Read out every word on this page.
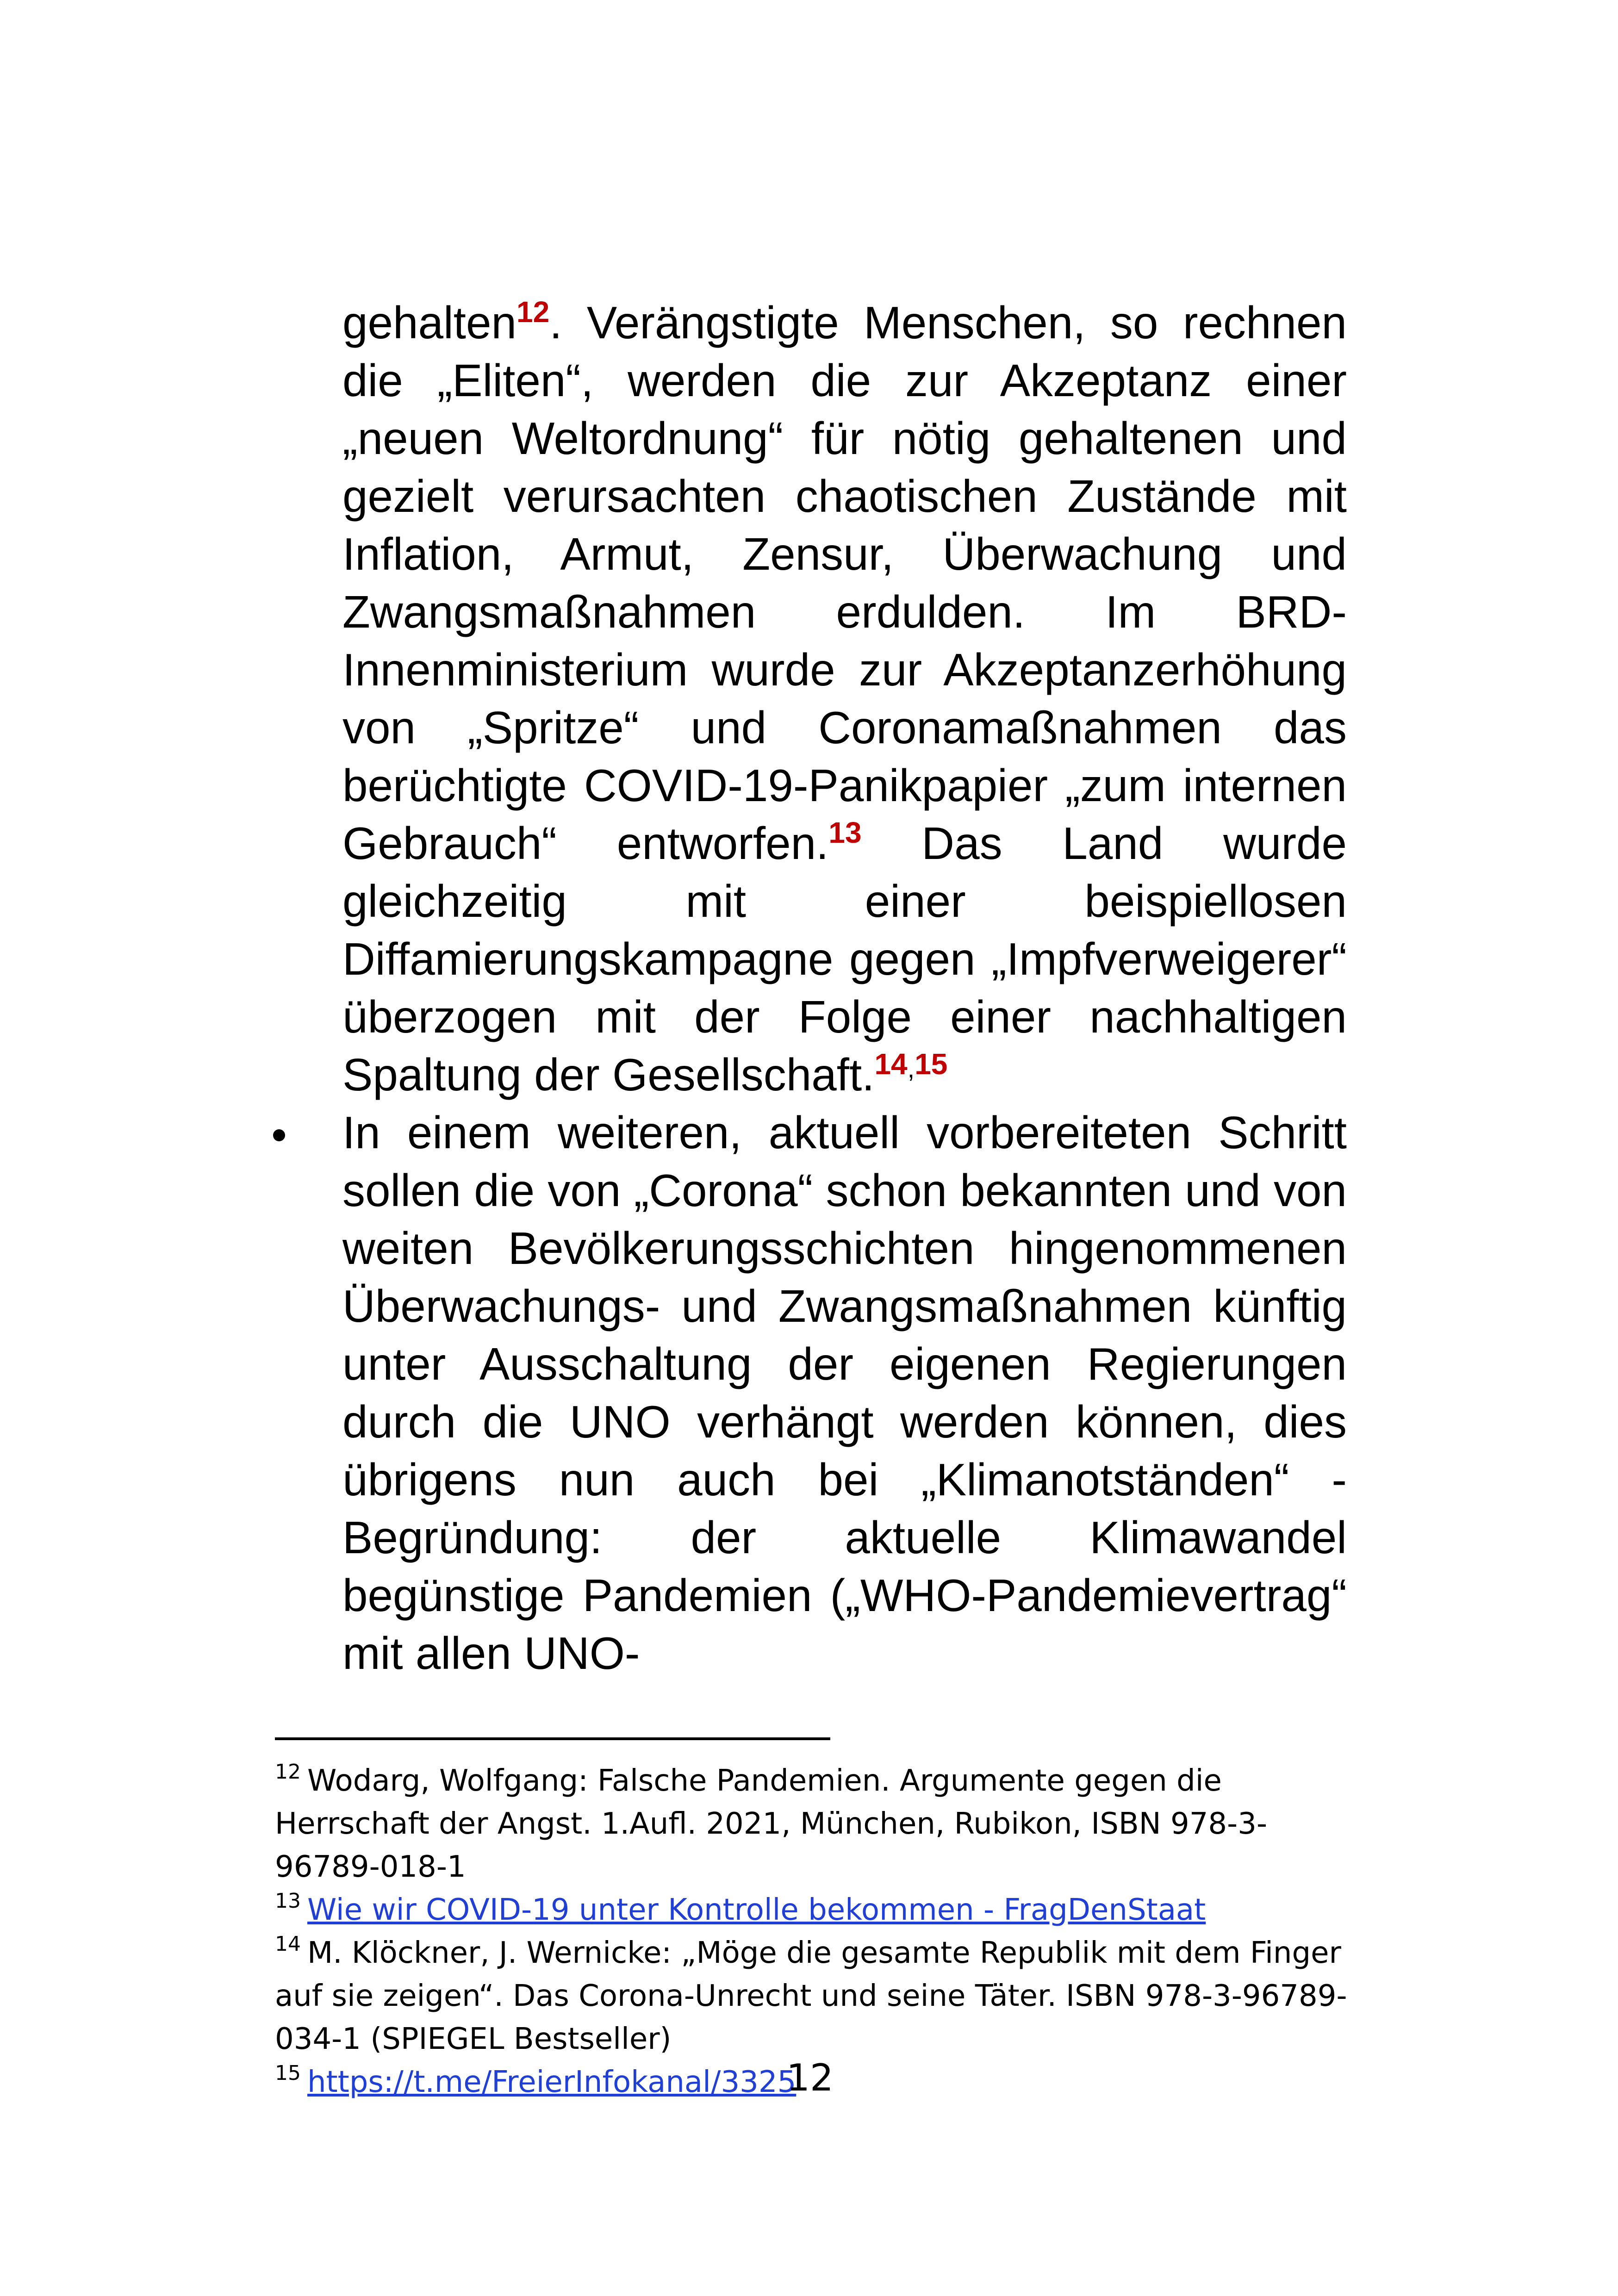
gehalten$^{12}$. Verängstigte Menschen, so rechnen die „Eliten“, werden die zur Akzeptanz einer „neuen Weltordnung“ für nötig gehaltenen und gezielt verursachten chaotischen Zustände mit Inflation, Armut, Zensur, Überwachung und Zwangsmaßnahmen erdulden. Im BRD-Innenministerium wurde zur Akzeptanzerhöhung von „Spritze“ und Coronamaßnahmen das berüchtigte COVID-19-Panikpapier „zum internen Gebrauch“ entworfen.$^{13}$ Das Land wurde gleichzeitig mit einer beispiellosen Diffamierungskampagne gegen „Impfverweigerer“ überzogen mit der Folge einer nachhaltigen Spaltung der Gesellschaft.$^{14,15}$

In einem weiteren, aktuell vorbereiteten Schritt sollen die von „Corona“ schon bekannten und von weiten Bevölkerungsschichten hingenommenen Überwachungs- und Zwangsmaßnahmen künftig unter Ausschaltung der eigenen Regierungen durch die UNO verhängt werden können, dies übrigens nun auch bei „Klimanotständen“ - Begründung: der aktuelle Klimawandel begünstige Pandemien („WHO-Pandemievertrag“ mit allen UNO-

$^{12}$ Wodarg, Wolfgang: Falsche Pandemien. Argumente gegen die Herrschaft der Angst. 1.Aufl. 2021, München, Rubikon, ISBN 978-3-96789-018-1

$^{13}$ Wie wir COVID-19 unter Kontrolle bekommen - FragDenStaat

$^{14}$ M. Klöckner, J. Wernicke: „Möge die gesamte Republik mit dem Finger auf sie zeigen“. Das Corona-Unrecht und seine Täter. ISBN 978-3-96789-034-1 (SPIEGEL Bestseller)

$^{15}$ https://t.me/FreierInfokanal/3325

12
